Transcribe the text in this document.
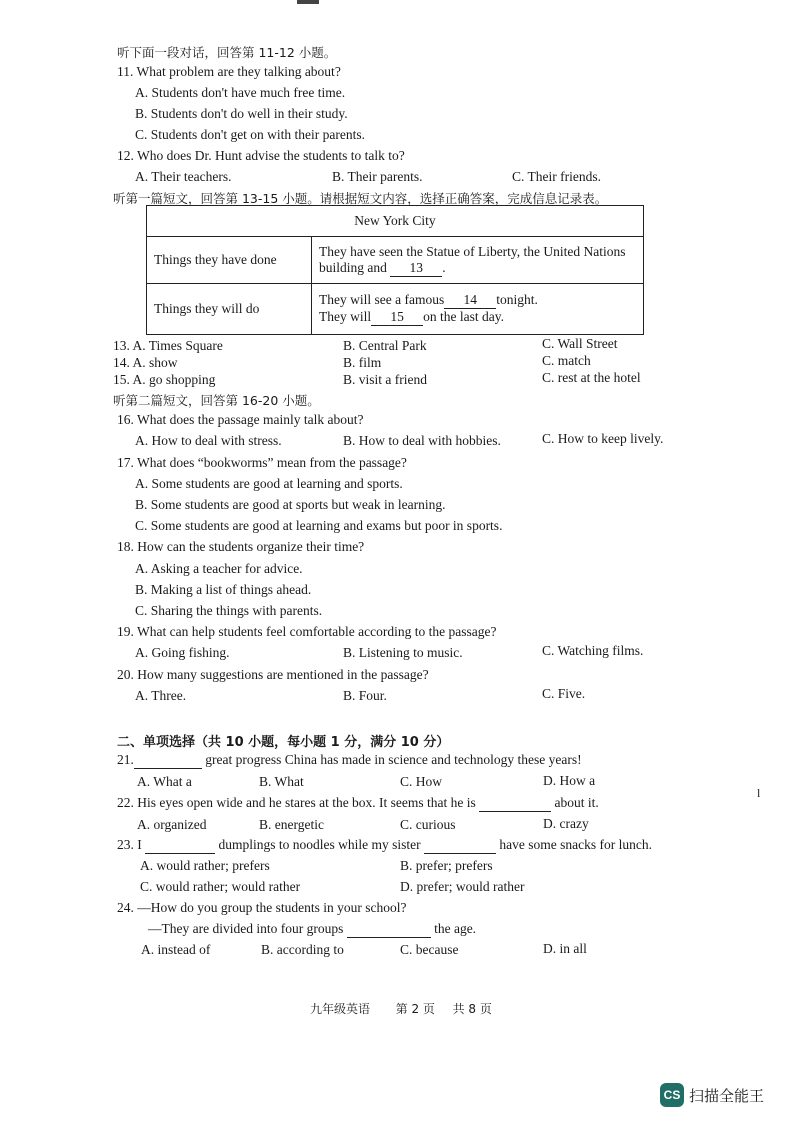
听下面一段对话，回答第 11-12 小题。
11. What problem are they talking about?
A. Students don't have much free time.
B. Students don't do well in their study.
C. Students don't get on with their parents.
12. Who does Dr. Hunt advise the students to talk to?
A. Their teachers.	B. Their parents.	C. Their friends.
听第一篇短文，回答第 13-15 小题。请根据短文内容，选择正确答案，完成信息记录表。
New York City	
Things they have done	They have seen the Statue of Liberty, the United Nations building and 13 .
Things they will do	They will see a famous 14 tonight.
They will 15 on the last day.
13. A. Times Square	B. Central Park	C. Wall Street
14. A. show	B. film	C. match
15. A. go shopping	B. visit a friend	C. rest at the hotel
听第二篇短文，回答第 16-20 小题。
16. What does the passage mainly talk about?
A. How to deal with stress.	B. How to deal with hobbies.	C. How to keep lively.
17. What does “bookworms” mean from the passage?
A. Some students are good at learning and sports.
B. Some students are good at sports but weak in learning.
C. Some students are good at learning and exams but poor in sports.
18. How can the students organize their time?
A. Asking a teacher for advice.
B. Making a list of things ahead.
C. Sharing the things with parents.
19. What can help students feel comfortable according to the passage?
A. Going fishing.	B. Listening to music.	C. Watching films.
20. How many suggestions are mentioned in the passage?
A. Three.	B. Four.	C. Five.
二、单项选择（共 10 小题，每小题 1 分，满分 10 分）
21.	great progress China has made in science and technology these years!
A. What a	B. What	C. How	D. How a
22. His eyes open wide and he stares at the box. It seems that he is	about it.
A. organized	B. energetic	C. curious	D. crazy
l
23. I	dumplings to noodles while my sister	have some snacks for lunch.
A. would rather; prefers	B. prefer; prefers
C. would rather; would rather	D. prefer; would rather
24. —How do you group the students in your school?
—They are divided into four groups	the age.
A. instead of	B. according to	C. because	D. in all
九年级英语 第 2 页 共 8 页
CS 扫描全能王
